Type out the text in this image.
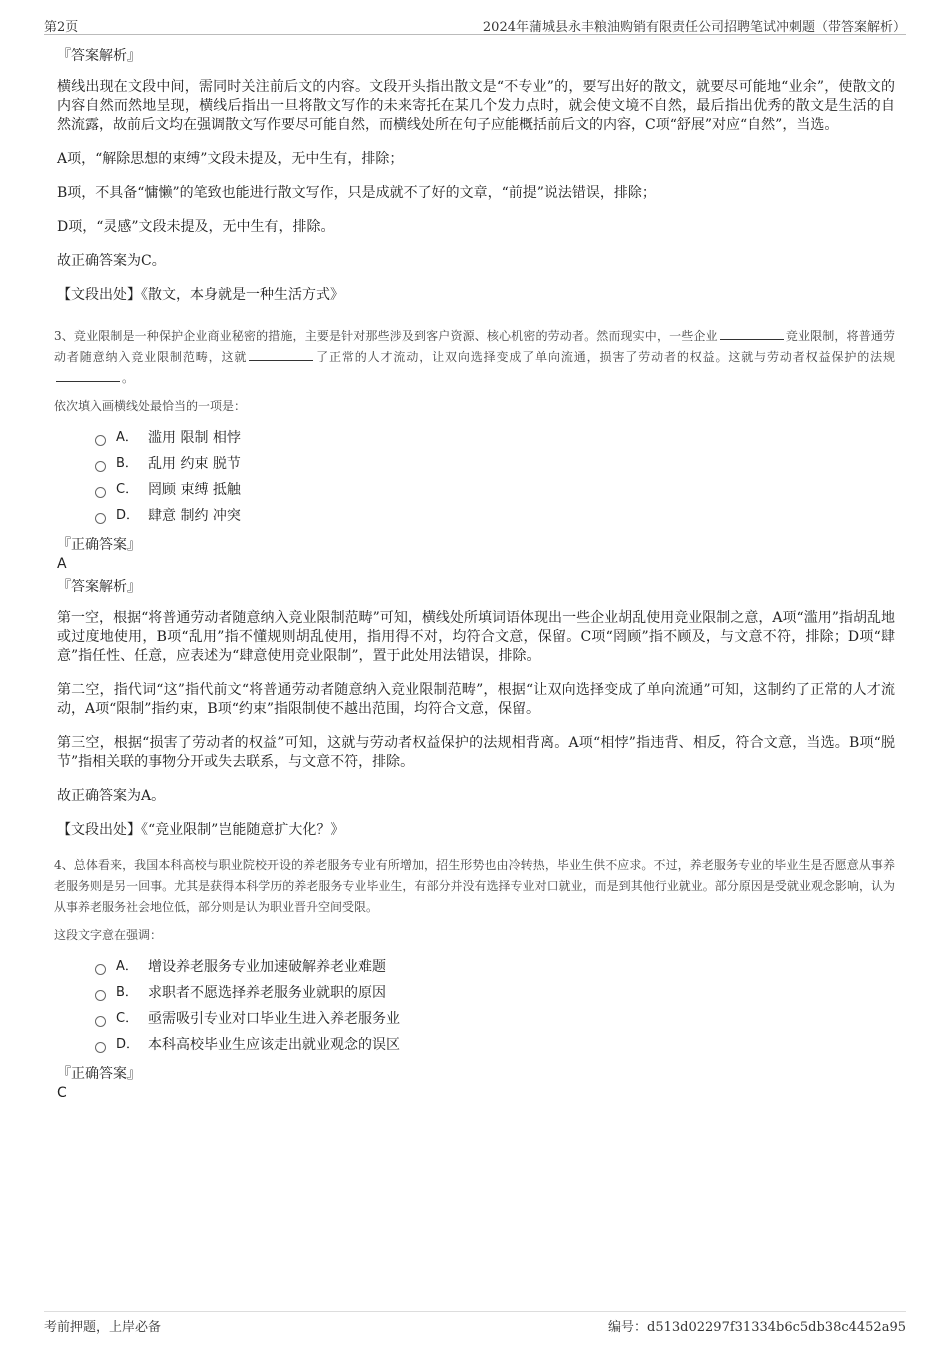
第2页	2024年蒲城县永丰粮油购销有限责任公司招聘笔试冲刺题（带答案解析）

『答案解析』

横线出现在文段中间，需同时关注前后文的内容。文段开头指出散文是“不专业”的，要写出好的散文，就要尽可能地“业余”，使散文的内容自然而然地呈现，横线后指出一旦将散文写作的未来寄托在某几个发力点时，就会使文境不自然，最后指出优秀的散文是生活的自然流露，故前后文均在强调散文写作要尽可能自然，而横线处所在句子应能概括前后文的内容，C项“舒展”对应“自然”，当选。

A项，“解除思想的束缚”文段未提及，无中生有，排除；

B项，不具备“慵懒”的笔致也能进行散文写作，只是成就不了好的文章，“前提”说法错误，排除；

D项，“灵感”文段未提及，无中生有，排除。

故正确答案为C。

【文段出处】《散文，本身就是一种生活方式》

3、竞业限制是一种保护企业商业秘密的措施，主要是针对那些涉及到客户资源、核心机密的劳动者。然而现实中，一些企业	竞业限制，将普通劳动者随意纳入竞业限制范畴，这就	了正常的人才流动，让双向选择变成了单向流通，损害了劳动者的权益。这就与劳动者权益保护的法规。

依次填入画横线处最恰当的一项是：

A． 滥用 限制 相悖
B． 乱用 约束 脱节
C． 罔顾 束缚 抵触
D． 肆意 制约 冲突

『正确答案』

A

『答案解析』

第一空，根据“将普通劳动者随意纳入竞业限制范畴”可知，横线处所填词语体现出一些企业胡乱使用竞业限制之意，A项“滥用”指胡乱地或过度地使用，B项“乱用”指不懂规则胡乱使用，指用得不对，均符合文意，保留。C项“罔顾”指不顾及，与文意不符，排除；D项“肆意”指任性、任意，应表述为“肆意使用竞业限制”，置于此处用法错误，排除。

第二空，指代词“这”指代前文“将普通劳动者随意纳入竞业限制范畴”，根据“让双向选择变成了单向流通”可知，这制约了正常的人才流动，A项“限制”指约束，B项“约束”指限制使不越出范围，均符合文意，保留。

第三空，根据“损害了劳动者的权益”可知，这就与劳动者权益保护的法规相背离。A项“相悖”指违背、相反，符合文意，当选。B项“脱节”指相关联的事物分开或失去联系，与文意不符，排除。

故正确答案为A。

【文段出处】《“竞业限制”岂能随意扩大化？》

4、总体看来，我国本科高校与职业院校开设的养老服务专业有所增加，招生形势也由冷转热，毕业生供不应求。不过，养老服务专业的毕业生是否愿意从事养老服务则是另一回事。尤其是获得本科学历的养老服务专业毕业生，有部分并没有选择专业对口就业，而是到其他行业就业。部分原因是受就业观念影响，认为从事养老服务社会地位低，部分则是认为职业晋升空间受限。

这段文字意在强调：

A． 增设养老服务专业加速破解养老业难题
B． 求职者不愿选择养老服务业就职的原因
C． 亟需吸引专业对口毕业生进入养老服务业
D． 本科高校毕业生应该走出就业观念的误区

『正确答案』

C

考前押题，上岸必备	编号：d513d02297f31334b6c5db38c4452a95
